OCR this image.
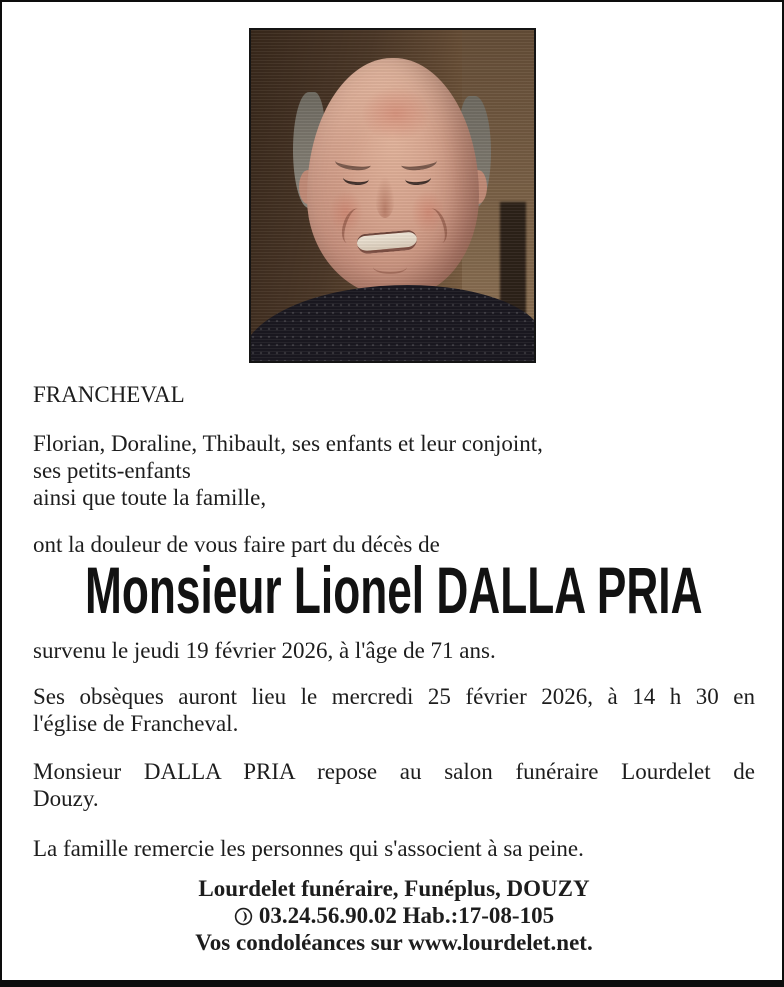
FRANCHEVAL
Florian, Doraline, Thibault, ses enfants et leur conjoint,
ses petits-enfants
ainsi que toute la famille,
ont la douleur de vous faire part du décès de
Monsieur Lionel DALLA PRIA
survenu le jeudi 19 février 2026, à l'âge de 71 ans.
Ses obsèques auront lieu le mercredi 25 février 2026, à 14 h 30 en
l'église de Francheval.
Monsieur DALLA PRIA repose au salon funéraire Lourdelet de
Douzy.
La famille remercie les personnes qui s'associent à sa peine.
Lourdelet funéraire, Funéplus, DOUZY
03.24.56.90.02 Hab.:17-08-105
Vos condoléances sur www.lourdelet.net.
